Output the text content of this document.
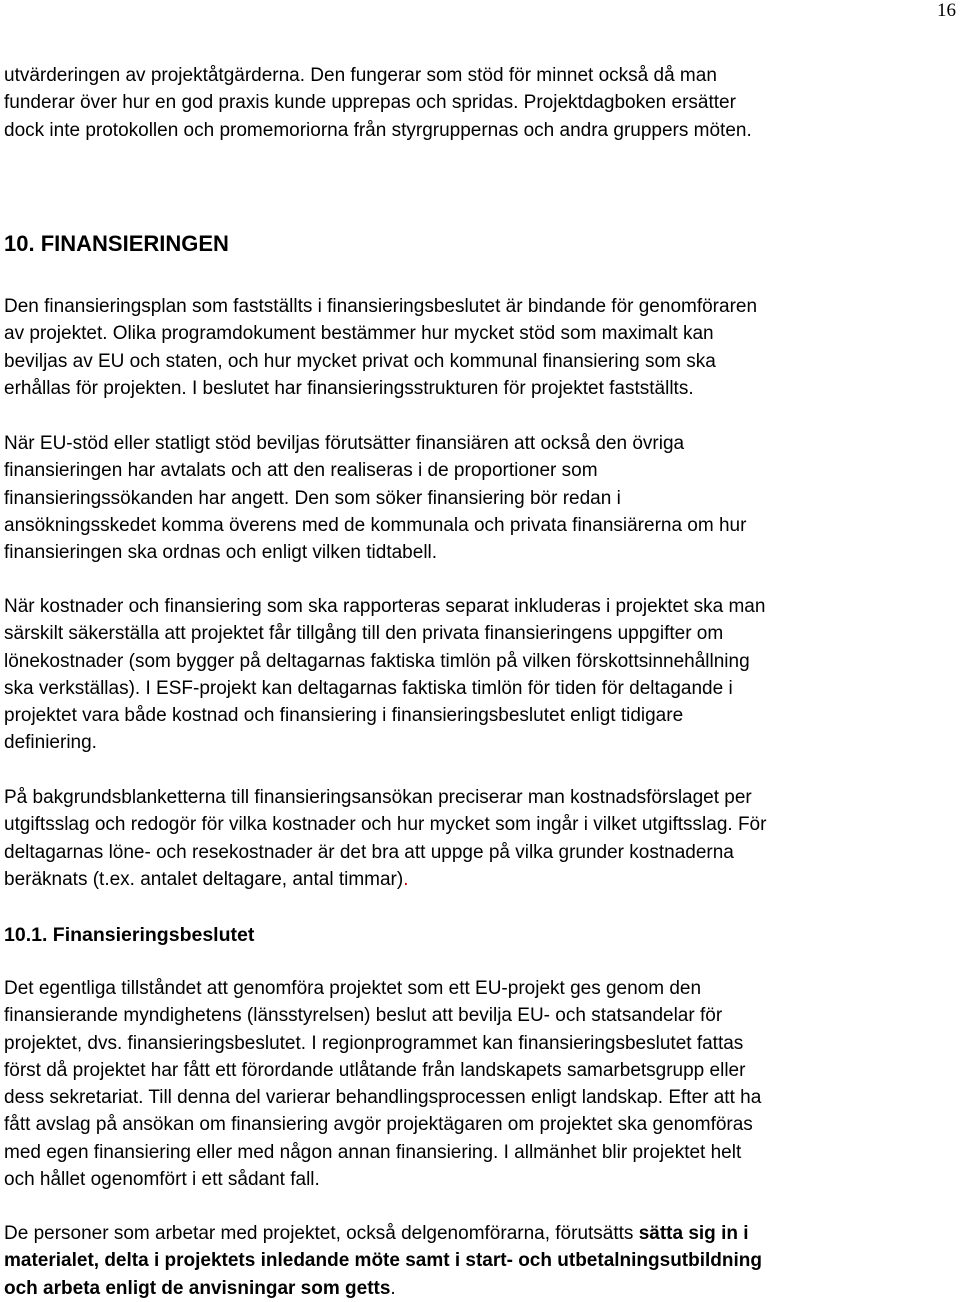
16

utvärderingen av projektåtgärderna. Den fungerar som stöd för minnet också då man
funderar över hur en god praxis kunde upprepas och spridas. Projektdagboken ersätter
dock inte protokollen och promemoriorna från styrgruppernas och andra gruppers möten.

10. FINANSIERINGEN

Den finansieringsplan som fastställts i finansieringsbeslutet är bindande för genomföraren
av projektet. Olika programdokument bestämmer hur mycket stöd som maximalt kan
beviljas av EU och staten, och hur mycket privat och kommunal finansiering som ska
erhållas för projekten. I beslutet har finansieringsstrukturen för projektet fastställts.

När EU-stöd eller statligt stöd beviljas förutsätter finansiären att också den övriga
finansieringen har avtalats och att den realiseras i de proportioner som
finansieringssökanden har angett. Den som söker finansiering bör redan i
ansökningsskedet komma överens med de kommunala och privata finansiärerna om hur
finansieringen ska ordnas och enligt vilken tidtabell.

När kostnader och finansiering som ska rapporteras separat inkluderas i projektet ska man
särskilt säkerställa att projektet får tillgång till den privata finansieringens uppgifter om
lönekostnader (som bygger på deltagarnas faktiska timlön på vilken förskottsinnehållning
ska verkställas). I ESF-projekt kan deltagarnas faktiska timlön för tiden för deltagande i
projektet vara både kostnad och finansiering i finansieringsbeslutet enligt tidigare
definiering.

På bakgrundsblanketterna till finansieringsansökan preciserar man kostnadsförslaget per
utgiftsslag och redogör för vilka kostnader och hur mycket som ingår i vilket utgiftsslag. För
deltagarnas löne- och resekostnader är det bra att uppge på vilka grunder kostnaderna
beräknats (t.ex. antalet deltagare, antal timmar).

10.1. Finansieringsbeslutet

Det egentliga tillståndet att genomföra projektet som ett EU-projekt ges genom den
finansierande myndighetens (länsstyrelsen) beslut att bevilja EU- och statsandelar för
projektet, dvs. finansieringsbeslutet. I regionprogrammet kan finansieringsbeslutet fattas
först då projektet har fått ett förordande utlåtande från landskapets samarbetsgrupp eller
dess sekretariat. Till denna del varierar behandlingsprocessen enligt landskap. Efter att ha
fått avslag på ansökan om finansiering avgör projektägaren om projektet ska genomföras
med egen finansiering eller med någon annan finansiering. I allmänhet blir projektet helt
och hållet ogenomfört i ett sådant fall.

De personer som arbetar med projektet, också delgenomförarna, förutsätts sätta sig in i
materialet, delta i projektets inledande möte samt i start- och utbetalningsutbildning
och arbeta enligt de anvisningar som getts.
